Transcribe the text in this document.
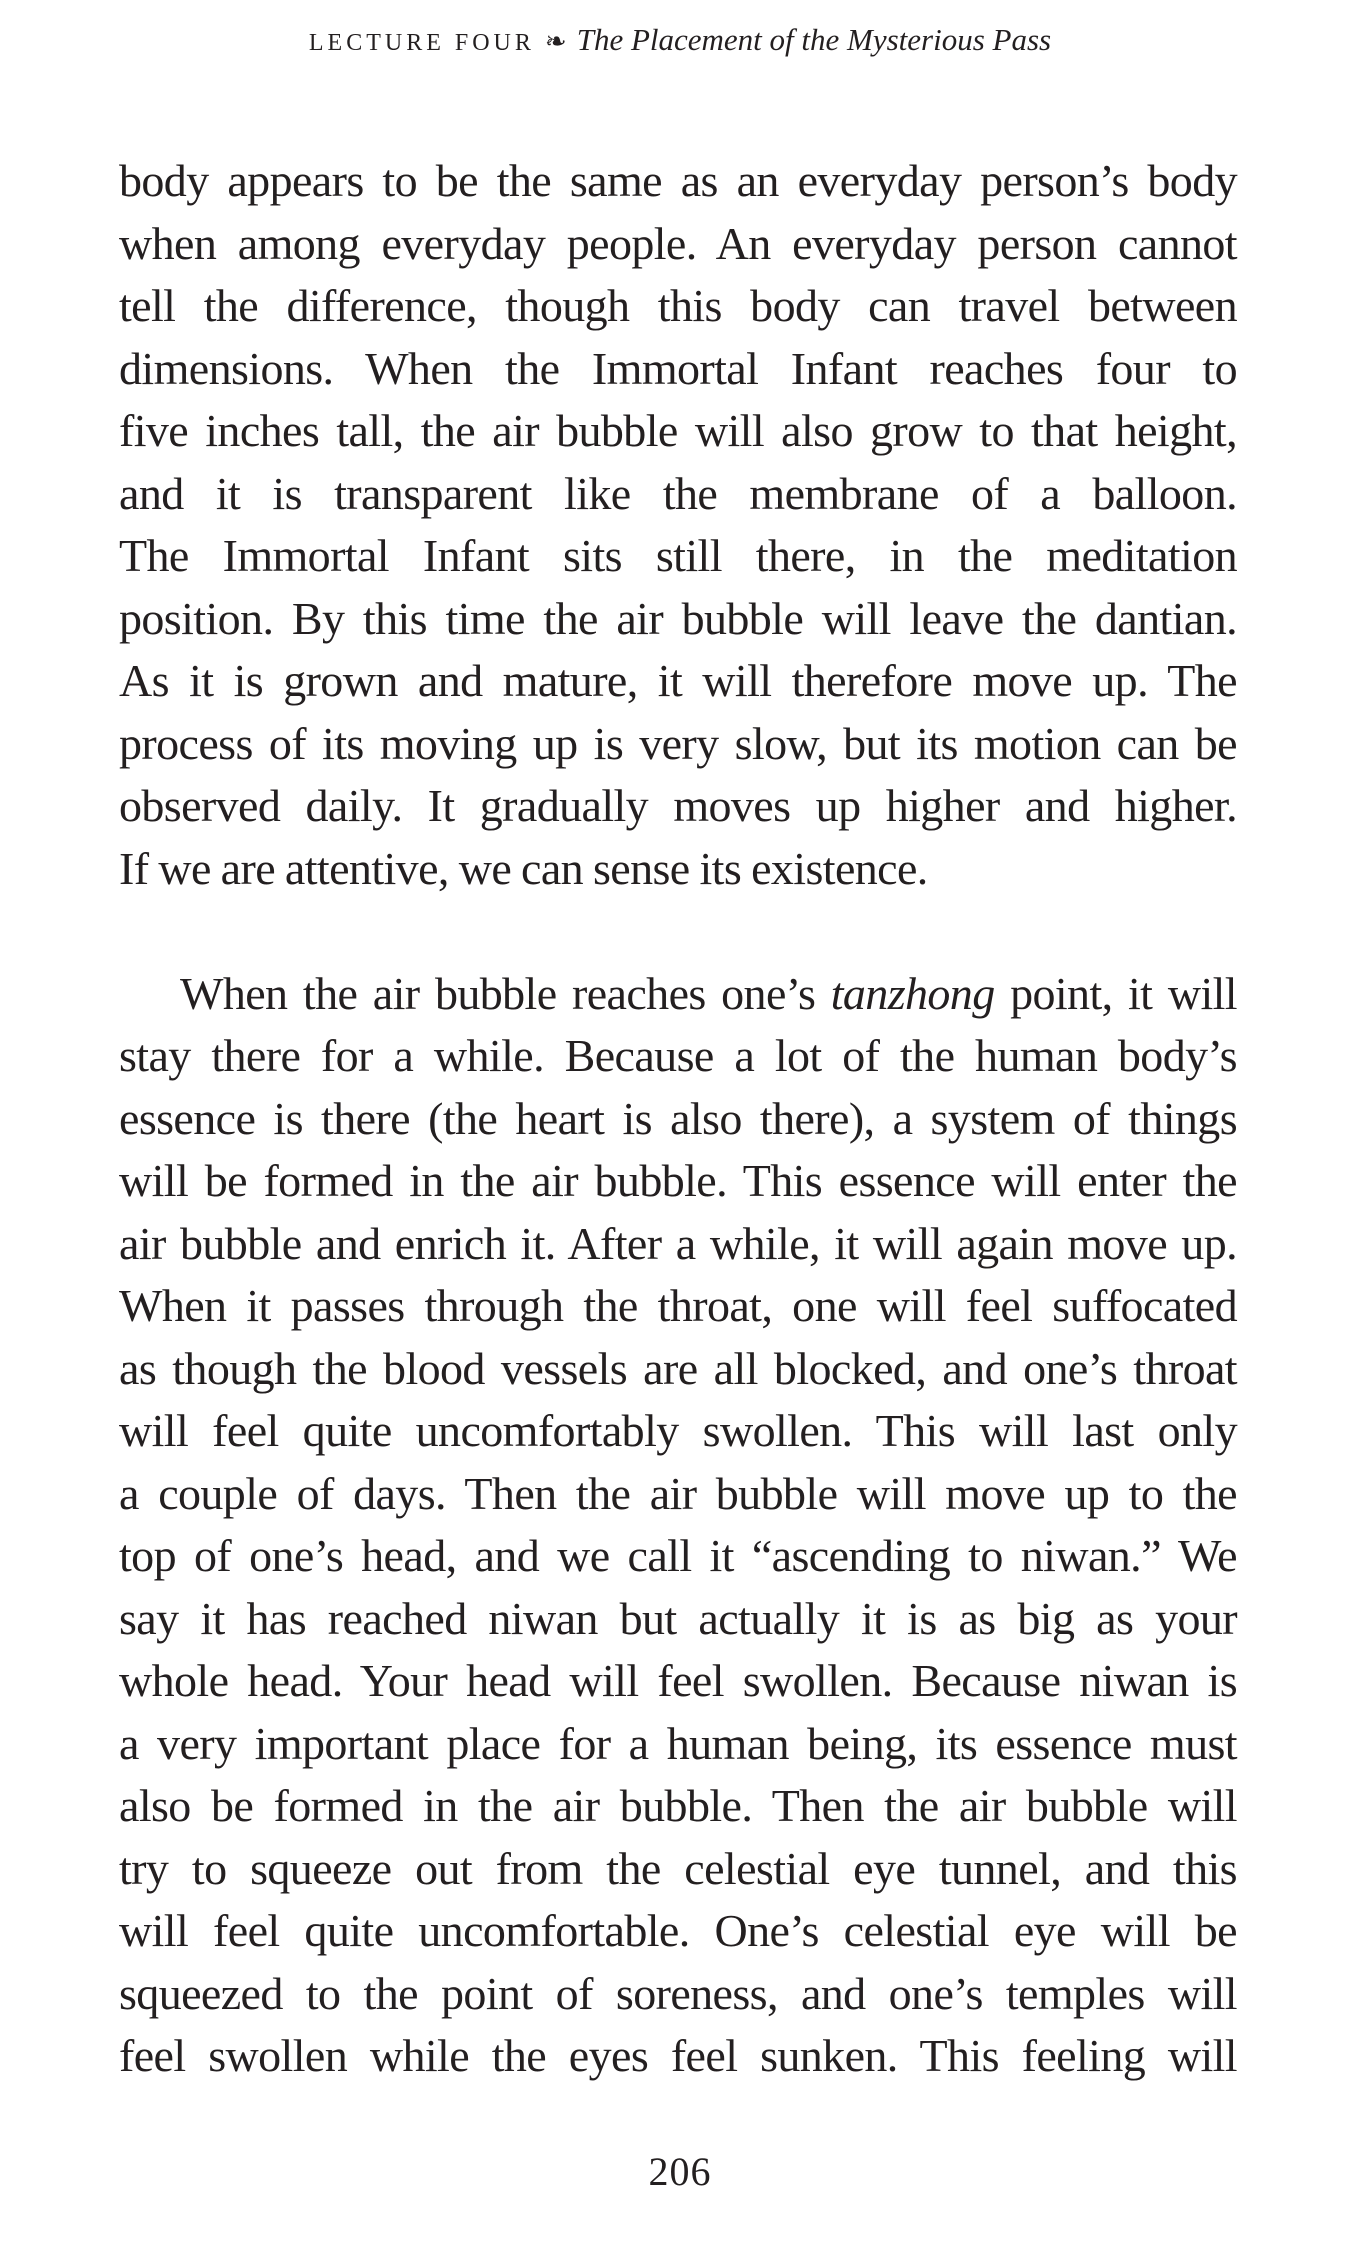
LECTURE FOUR ❧ The Placement of the Mysterious Pass
body appears to be the same as an everyday person’s body
when among everyday people. An everyday person cannot
tell the difference, though this body can travel between
dimensions. When the Immortal Infant reaches four to
five inches tall, the air bubble will also grow to that height,
and it is transparent like the membrane of a balloon.
The Immortal Infant sits still there, in the meditation
position. By this time the air bubble will leave the dantian.
As it is grown and mature, it will therefore move up. The
process of its moving up is very slow, but its motion can be
observed daily. It gradually moves up higher and higher.
If we are attentive, we can sense its existence.
When the air bubble reaches one’s tanzhong point, it will
stay there for a while. Because a lot of the human body’s
essence is there (the heart is also there), a system of things
will be formed in the air bubble. This essence will enter the
air bubble and enrich it. After a while, it will again move up.
When it passes through the throat, one will feel suffocated
as though the blood vessels are all blocked, and one’s throat
will feel quite uncomfortably swollen. This will last only
a couple of days. Then the air bubble will move up to the
top of one’s head, and we call it “ascending to niwan.” We
say it has reached niwan but actually it is as big as your
whole head. Your head will feel swollen. Because niwan is
a very important place for a human being, its essence must
also be formed in the air bubble. Then the air bubble will
try to squeeze out from the celestial eye tunnel, and this
will feel quite uncomfortable. One’s celestial eye will be
squeezed to the point of soreness, and one’s temples will
feel swollen while the eyes feel sunken. This feeling will
206
